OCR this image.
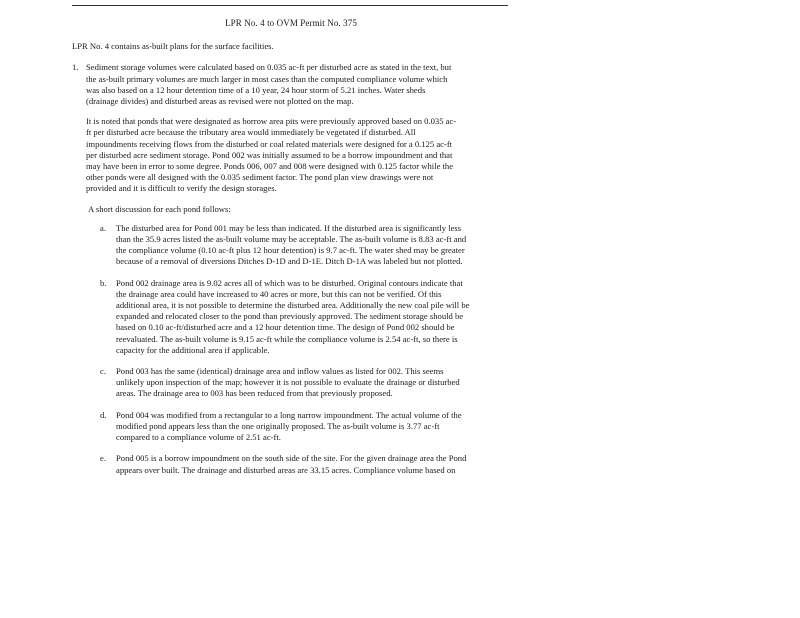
LPR No. 4 to OVM Permit No. 375
LPR No. 4 contains as-built plans for the surface facilities.
1. Sediment storage volumes were calculated based on 0.035 ac-ft per disturbed acre as stated in the text, but
the as-built primary volumes are much larger in most cases than the computed compliance volume which
was also based on a 12 hour detention time of a 10 year, 24 hour storm of 5.21 inches. Water sheds
(drainage divides) and disturbed areas as revised were not plotted on the map.
It is noted that ponds that were designated as borrow area pits were previously approved based on 0.035 ac-
ft per disturbed acre because the tributary area would immediately be vegetated if disturbed. All
impoundments receiving flows from the disturbed or coal related materials were designed for a 0.125 ac-ft
per disturbed acre sediment storage. Pond 002 was initially assumed to be a borrow impoundment and that
may have been in error to some degree. Ponds 006, 007 and 008 were designed with 0.125 factor while the
other ponds were all designed with the 0.035 sediment factor. The pond plan view drawings were not
provided and it is difficult to verify the design storages.
A short discussion for each pond follows:
a. The disturbed area for Pond 001 may be less than indicated. If the disturbed area is significantly less
than the 35.9 acres listed the as-built volume may be acceptable. The as-built volume is 8.83 ac-ft and
the compliance volume (0.10 ac-ft plus 12 hour detention) is 9.7 ac-ft. The water shed may be greater
because of a removal of diversions Ditches D-1D and D-1E. Ditch D-1A was labeled but not plotted.
b. Pond 002 drainage area is 9.02 acres all of which was to be disturbed. Original contours indicate that
the drainage area could have increased to 40 acres or more, but this can not be verified. Of this
additional area, it is not possible to determine the disturbed area. Additionally the new coal pile will be
expanded and relocated closer to the pond than previously approved. The sediment storage should be
based on 0.10 ac-ft/disturbed acre and a 12 hour detention time. The design of Pond 002 should be
reevaluated. The as-built volume is 9.15 ac-ft while the compliance volume is 2.54 ac-ft, so there is
capacity for the additional area if applicable.
c. Pond 003 has the same (identical) drainage area and inflow values as listed for 002. This seems
unlikely upon inspection of the map; however it is not possible to evaluate the drainage or disturbed
areas. The drainage area to 003 has been reduced from that previously proposed.
d. Pond 004 was modified from a rectangular to a long narrow impoundment. The actual volume of the
modified pond appears less than the one originally proposed. The as-built volume is 3.77 ac-ft
compared to a compliance volume of 2.51 ac-ft.
e. Pond 005 is a borrow impoundment on the south side of the site. For the given drainage area the Pond
appears over built. The drainage and disturbed areas are 33.15 acres. Compliance volume based on
